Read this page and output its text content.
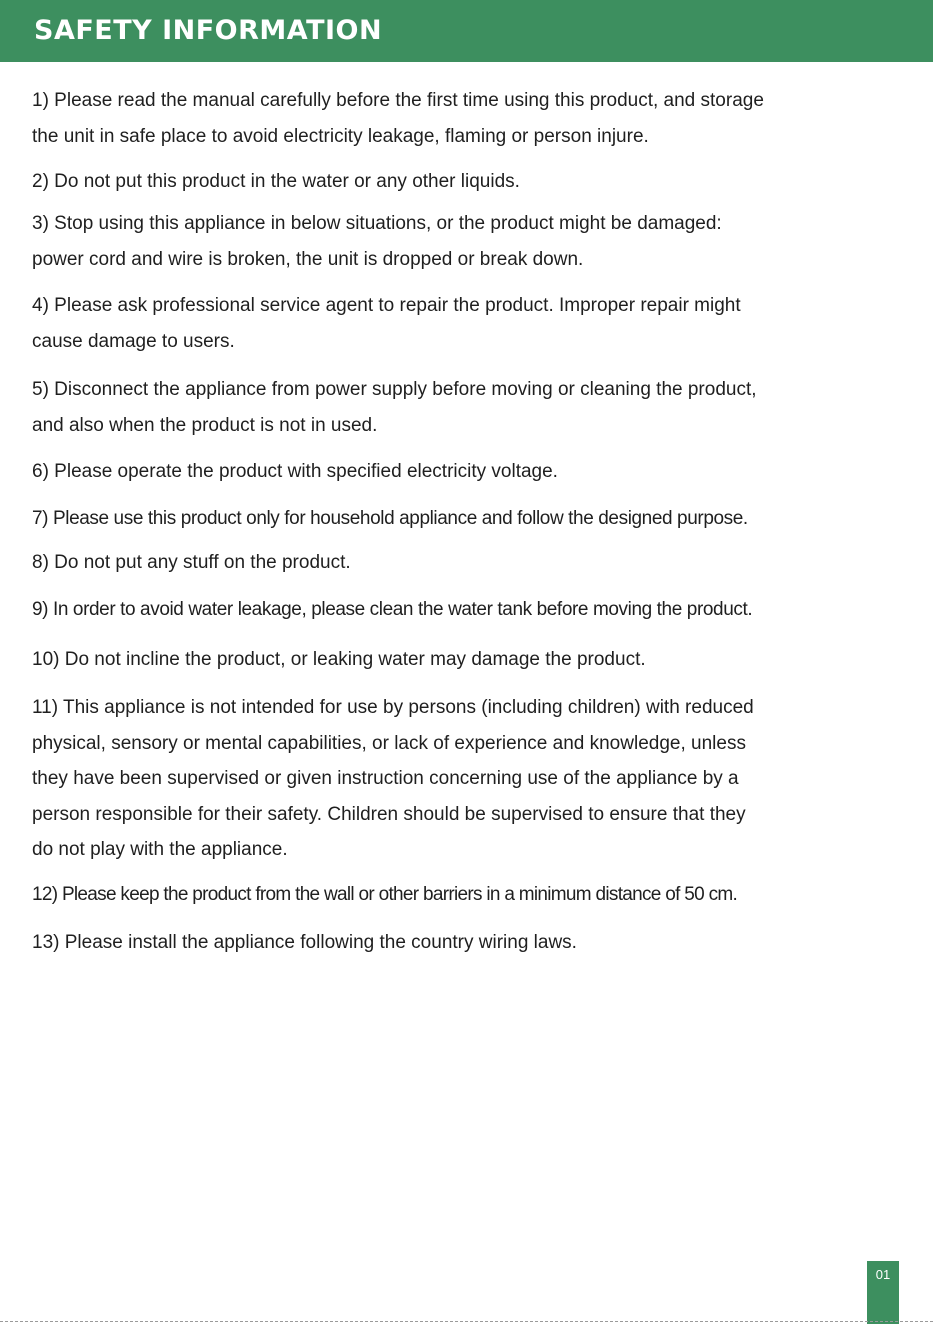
SAFETY INFORMATION
1) Please read the manual carefully before the first time using this product, and storage
the unit in safe place to avoid electricity leakage, flaming or person injure.
2) Do not put this product in the water or any other liquids.
3) Stop using this appliance in below situations, or the product might be damaged:
power cord and wire is broken, the unit is dropped or break down.
4) Please ask professional service agent to repair the product. Improper repair might
cause damage to users.
5) Disconnect the appliance from power supply before moving or cleaning the product,
and also when the product is not in used.
6) Please operate the product with specified electricity voltage.
7) Please use this product only for household appliance and follow the designed purpose.
8) Do not put any stuff on the product.
9) In order to avoid water leakage, please clean the water tank before moving the product.
10) Do not incline the product, or leaking water may damage the product.
11) This appliance is not intended for use by persons (including children) with reduced
physical, sensory or mental capabilities, or lack of experience and knowledge, unless
they have been supervised or given instruction concerning use of the appliance by a
person responsible for their safety. Children should be supervised to ensure that they
do not play with the appliance.
12) Please keep the product from the wall or other barriers in a minimum distance of 50 cm.
13) Please install the appliance following the country wiring laws.
01
